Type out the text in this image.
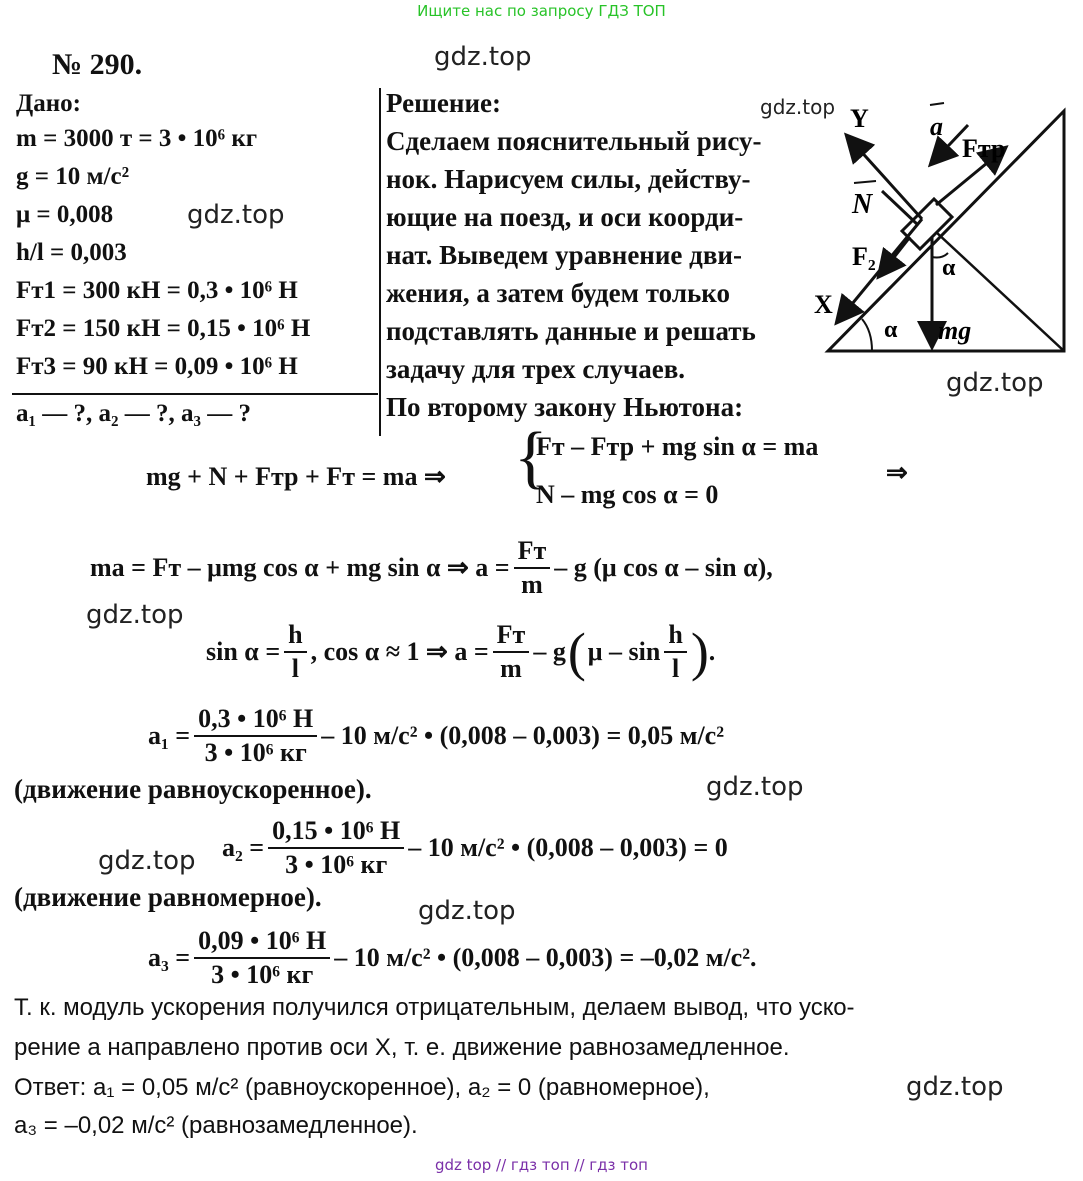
Ищите нас по запросу ГДЗ ТОП
gdz top // гдз топ // гдз топ
gdz.top
gdz.top
gdz.top
gdz.top
gdz.top
gdz.top
gdz.top
gdz.top
gdz.top
№ 290.
Дано:
m = 3000 т = 3 • 10⁶ кг
g = 10 м/с²
μ = 0,008
h/l = 0,003
Fт1 = 300 кН = 0,3 • 10⁶ Н
Fт2 = 150 кН = 0,15 • 10⁶ Н
Fт3 = 90 кН = 0,09 • 10⁶ Н
a₁ — ?, a₂ — ?, a₃ — ?
Решение:
Сделаем пояснительный рису-
нок. Нарисуем силы, действу-
ющие на поезд, и оси коорди-
нат. Выведем уравнение дви-
жения, а затем будем только
подставлять данные и решать
задачу для трех случаев.
По второму закону Ньютона:
Y
X
a
Fтр
N
F₂
mg
α
α
mg + N + Fтр + Fт = ma ⇒ {
Fт – Fтр + mg sin α = ma
N – mg cos α = 0
⇒
ma = Fт – μmg cos α + mg sin α ⇒ $a = \frac{Fт}{m} - g$ (μ cos α – sin α),
$\sin \alpha = \frac{h}{l}$ , cos α ≈ 1 ⇒ $a = \frac{Fт}{m} - g$ ( μ – $\sin \frac{h}{l}$ ) .
$a_1 = \frac{\text{0,3 • 10⁶ Н}}{\text{3 • 10⁶ кг}} - 10$ м/с² • (0,008 – 0,003) = 0,05 м/с²
(движение равноускоренное).
$a_2 = \frac{\text{0,15 • 10⁶ Н}}{\text{3 • 10⁶ кг}} - 10$ м/с² • (0,008 – 0,003) = 0
(движение равномерное).
$a_3 = \frac{\text{0,09 • 10⁶ Н}}{\text{3 • 10⁶ кг}} - 10$ м/с² • (0,008 – 0,003) = –0,02 м/с².
Т. к. модуль ускорения получился отрицательным, делаем вывод, что ускo-
рение a направлено против оси X, т. е. движение равнозамедленное.
Ответ: a₁ = 0,05 м/с² (равноускоренное), a₂ = 0 (равномерное),
a₃ = –0,02 м/с² (равнозамедленное).
